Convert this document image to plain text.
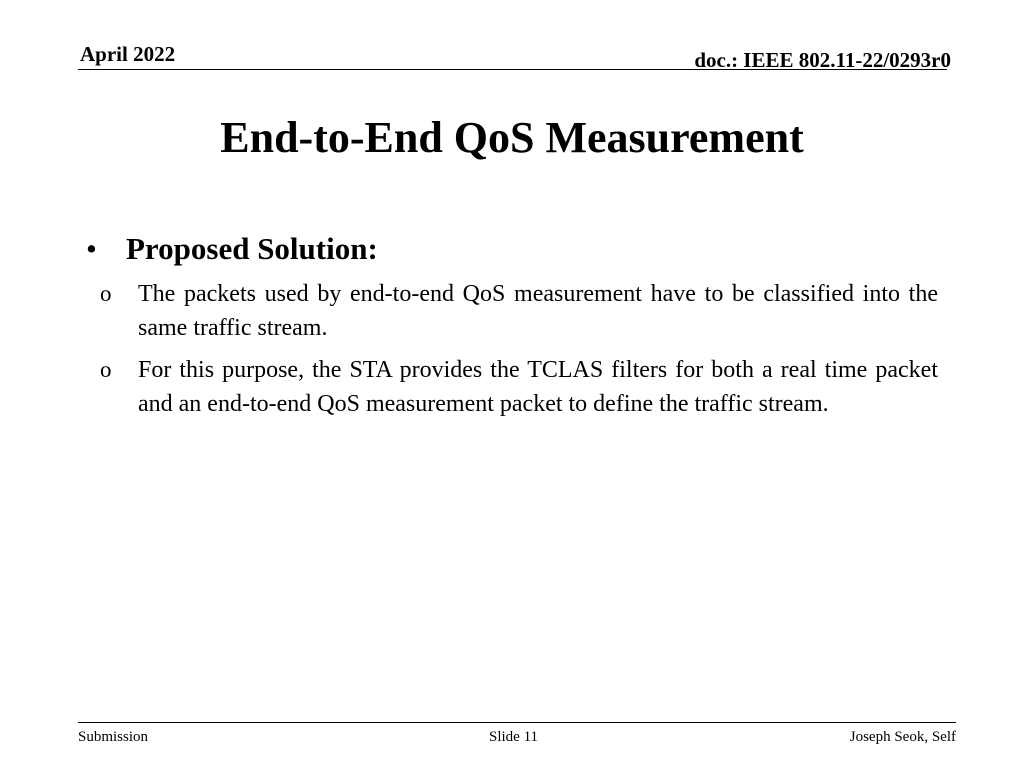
April 2022	doc.: IEEE 802.11-22/0293r0
End-to-End QoS Measurement
• Proposed Solution:
o	The packets used by end-to-end QoS measurement have to be classified into the same traffic stream.
o	For this purpose, the STA provides the TCLAS filters for both a real time packet and an end-to-end QoS measurement packet to define the traffic stream.
Submission	Slide 11	Joseph Seok, Self
